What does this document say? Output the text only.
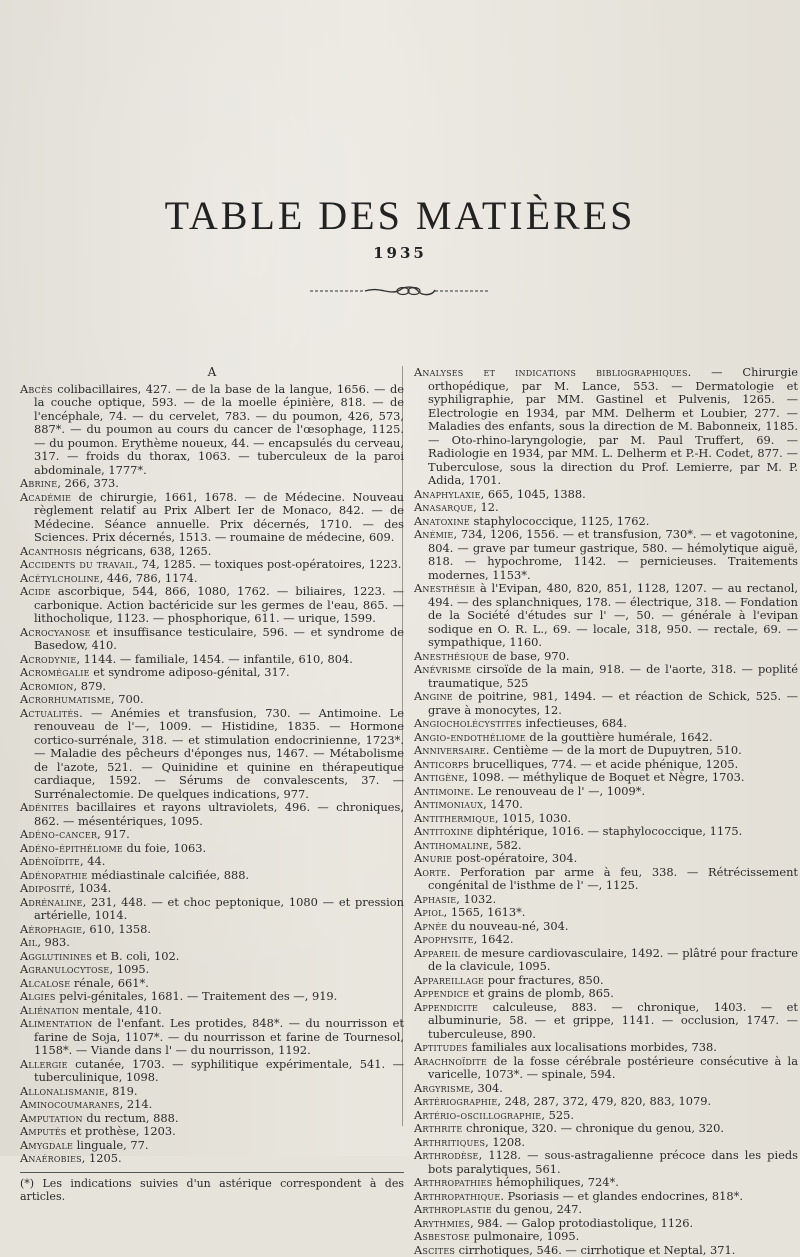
TABLE DES MATIÈRES
1935
A

Abcès colibacillaires, 427. — de la base de la langue, 1656. — de la couche optique, 593. — de la moelle épinière, 818. — de l'encéphale, 74. — du cervelet, 783. — du poumon, 426, 573, 887*. — du poumon au cours du cancer de l'œsophage, 1125. — du poumon. Erythème noueux, 44. — encapsulés du cerveau, 317. — froids du thorax, 1063. — tuberculeux de la paroi abdominale, 1777*.

Abrine, 266, 373.

Académie de chirurgie, 1661, 1678. — de Médecine. Nouveau règlement relatif au Prix Albert Ier de Monaco, 842. — de Médecine. Séance annuelle. Prix décernés, 1710. — des Sciences. Prix décernés, 1513. — roumaine de médecine, 609.

Acanthosis négricans, 638, 1265.

Accidents du travail, 74, 1285. — toxiques post-opératoires, 1223.

Acétylcholine, 446, 786, 1174.

Acide ascorbique, 544, 866, 1080, 1762. — biliaires, 1223. — carbonique. Action bactéricide sur les germes de l'eau, 865. — lithocholique, 1123. — phosphorique, 611. — urique, 1599.

Acrocyanose et insuffisance testiculaire, 596. — et syndrome de Basedow, 410.

Acrodynie, 1144. — familiale, 1454. — infantile, 610, 804.

Acromégalie et syndrome adiposo-génital, 317.

Acromion, 879.

Acrorhumatisme, 700.

Actualités. — Anémies et transfusion, 730. — Antimoine. Le renouveau de l'—, 1009. — Histidine, 1835. — Hormone cortico-surrénale, 318. — et stimulation endocrinienne, 1723*. — Maladie des pêcheurs d'éponges nus, 1467. — Métabolisme de l'azote, 521. — Quinidine et quinine en thérapeutique cardiaque, 1592. — Sérums de convalescents, 37. — Surrénalectomie. De quelques indications, 977.

Adénites bacillaires et rayons ultraviolets, 496. — chroniques, 862. — mésentériques, 1095.

Adéno-cancer, 917.

Adéno-épithéliome du foie, 1063.

Adénoïdite, 44.

Adénopathie médiastinale calcifiée, 888.

Adiposité, 1034.

Adrénaline, 231, 448. — et choc peptonique, 1080 — et pression artérielle, 1014.

Aérophagie, 610, 1358.

Ail, 983.

Agglutinines et B. coli, 102.

Agranulocytose, 1095.

Alcalose rénale, 661*.

Algies pelvi-génitales, 1681. — Traitement des —, 919.

Aliénation mentale, 410.

Alimentation de l'enfant. Les protides, 848*. — du nourrisson et farine de Soja, 1107*. — du nourrisson et farine de Tournesol, 1158*. — Viande dans l' — du nourrisson, 1192.

Allergie cutanée, 1703. — syphilitique expérimentale, 541. — tuberculinique, 1098.

Allonalismanie, 819.

Aminocoumaranes, 214.

Amputation du rectum, 888.

Amputés et prothèse, 1203.

Amygdale linguale, 77.

Anaérobies, 1205.

(*) Les indications suivies d'un astérique correspondent à des articles.

Analyses et indications bibliographiques. — Chirurgie orthopédique, par M. Lance, 553. — Dermatologie et syphiligraphie, par MM. Gastinel et Pulvenis, 1265. — Electrologie en 1934, par MM. Delherm et Loubier, 277. — Maladies des enfants, sous la direction de M. Babonneix, 1185. — Oto-rhino-laryngologie, par M. Paul Truffert, 69. — Radiologie en 1934, par MM. L. Delherm et P.-H. Codet, 877. — Tuberculose, sous la direction du Prof. Lemierre, par M. P. Adida, 1701.

Anaphylaxie, 665, 1045, 1388.

Anasarque, 12.

Anatoxine staphylococcique, 1125, 1762.

Anémie, 734, 1206, 1556. — et transfusion, 730*. — et vagotonine, 804. — grave par tumeur gastrique, 580. — hémolytique aiguë, 818. — hypochrome, 1142. — pernicieuses. Traitements modernes, 1153*.

Anesthésie à l'Evipan, 480, 820, 851, 1128, 1207. — au rectanol, 494. — des splanchniques, 178. — électrique, 318. — Fondation de la Société d'études sur l' —, 50. — générale à l'evipan sodique en O. R. L., 69. — locale, 318, 950. — rectale, 69. — sympathique, 1160.

Anesthésique de base, 970.

Anévrisme cirsoïde de la main, 918. — de l'aorte, 318. — poplité traumatique, 525

Angine de poitrine, 981, 1494. — et réaction de Schick, 525. — grave à monocytes, 12.

Angiocholécystites infectieuses, 684.

Angio-endothéliome de la gouttière humérale, 1642.

Anniversaire. Centième — de la mort de Dupuytren, 510.

Anticorps brucelliques, 774. — et acide phénique, 1205.

Antigène, 1098. — méthylique de Boquet et Nègre, 1703.

Antimoine. Le renouveau de l' —, 1009*.

Antimoniaux, 1470.

Antithermique, 1015, 1030.

Antitoxine diphtérique, 1016. — staphylococcique, 1175.

Antihomaline, 582.

Anurie post-opératoire, 304.

Aorte. Perforation par arme à feu, 338. — Rétrécissement congénital de l'isthme de l' —, 1125.

Aphasie, 1032.

Apiol, 1565, 1613*.

Apnée du nouveau-né, 304.

Apophysite, 1642.

Appareil de mesure cardiovasculaire, 1492. — plâtré pour fracture de la clavicule, 1095.

Appareillage pour fractures, 850.

Appendice et grains de plomb, 865.

Appendicite calculeuse, 883. — chronique, 1403. — et albuminurie, 58. — et grippe, 1141. — occlusion, 1747. — tuberculeuse, 890.

Aptitudes familiales aux localisations morbides, 738.

Arachnoïdite de la fosse cérébrale postérieure consécutive à la varicelle, 1073*. — spinale, 594.

Argyrisme, 304.

Artériographie, 248, 287, 372, 479, 820, 883, 1079.

Artério-oscillographie, 525.

Arthrite chronique, 320. — chronique du genou, 320.

Arthritiques, 1208.

Arthrodèse, 1128. — sous-astragalienne précoce dans les pieds bots paralytiques, 561.

Arthropathies hémophiliques, 724*.

Arthropathique. Psoriasis — et glandes endocrines, 818*.

Arthroplastie du genou, 247.

Arythmies, 984. — Galop protodiastolique, 1126.

Asbestose pulmonaire, 1095.

Ascites cirrhotiques, 546. — cirrhotique et Neptal, 371.
